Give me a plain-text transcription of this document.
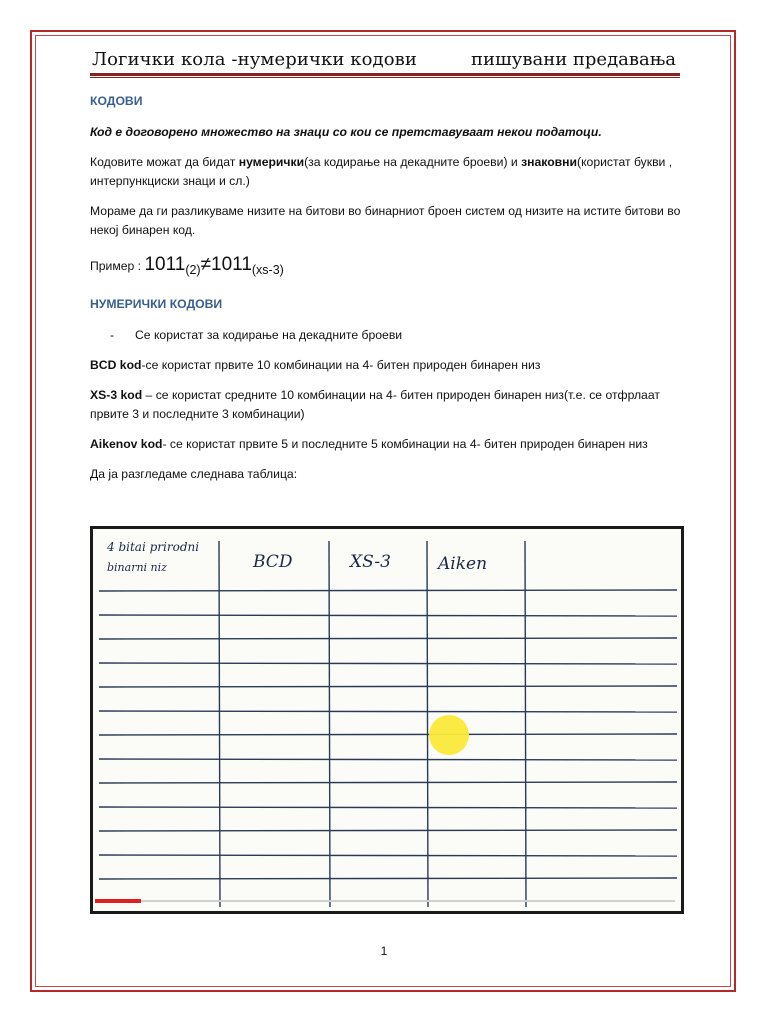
Логички кола -нумерички кодови	пишувани предавања
КОДОВИ

Код е договорено множество на знаци со кои се претставуваат некои податоци.

Кодовите можат да бидат нумерички(за кодирање на декадните броеви) и знаковни(користат букви , интерпункциски знаци и сл.)

Мораме да ги разликуваме низите на битови во бинарниот броен систем од низите на истите битови во некој бинарен код.

Пример : $1011_{(2)}\ne 1011_{(xs-3)}$
НУМЕРИЧКИ КОДОВИ

- Се користат за кодирање на декадните броеви

BCD kod-се користат првите 10 комбинации на 4- битен природен бинарен низ

XS-3 kod – се користат средните 10 комбинации на 4- битен природен бинарен низ(т.е. се отфрлаат првите 3 и последните 3 комбинации)

Aikenov kod- се користат првите 5 и последните 5 комбинации на 4- битен природен бинарен низ

Да ја разгледаме следнава таблица:

4 bitai prirodni
binarni niz	BCD	XS-3	Aiken
1
